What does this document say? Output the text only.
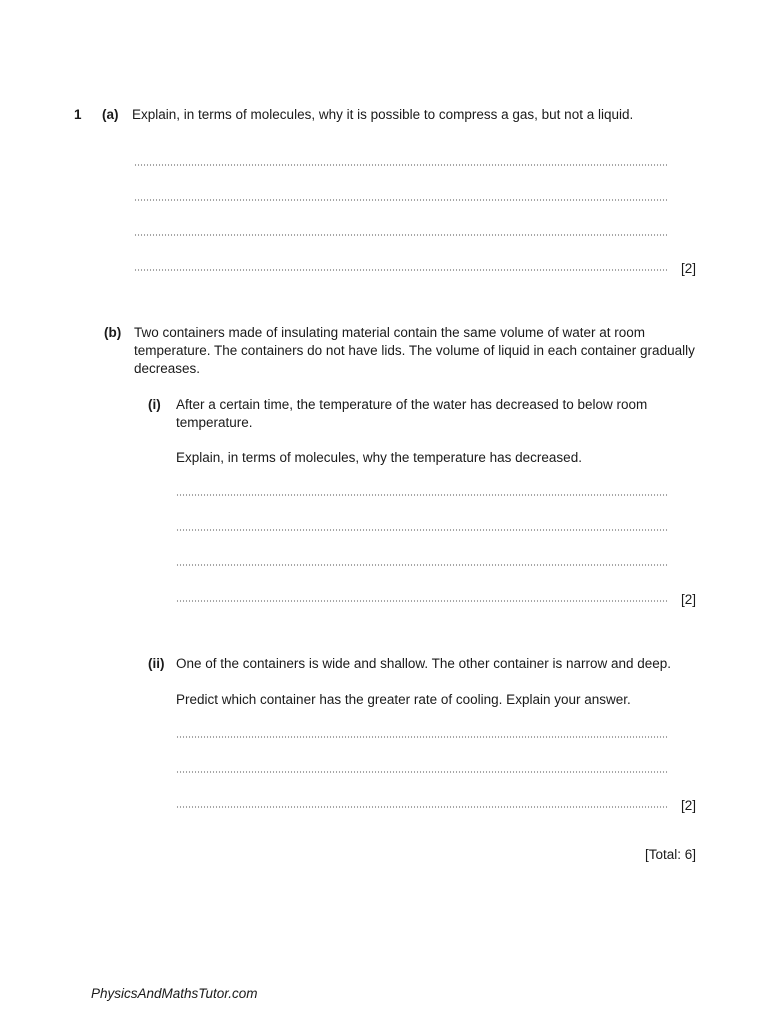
1 (a) Explain, in terms of molecules, why it is possible to compress a gas, but not a liquid.
[2]
(b) Two containers made of insulating material contain the same volume of water at room temperature. The containers do not have lids. The volume of liquid in each container gradually decreases.
(i) After a certain time, the temperature of the water has decreased to below room temperature.
Explain, in terms of molecules, why the temperature has decreased.
[2]
(ii) One of the containers is wide and shallow. The other container is narrow and deep.
Predict which container has the greater rate of cooling. Explain your answer.
[2]
[Total: 6]
PhysicsAndMathsTutor.com
